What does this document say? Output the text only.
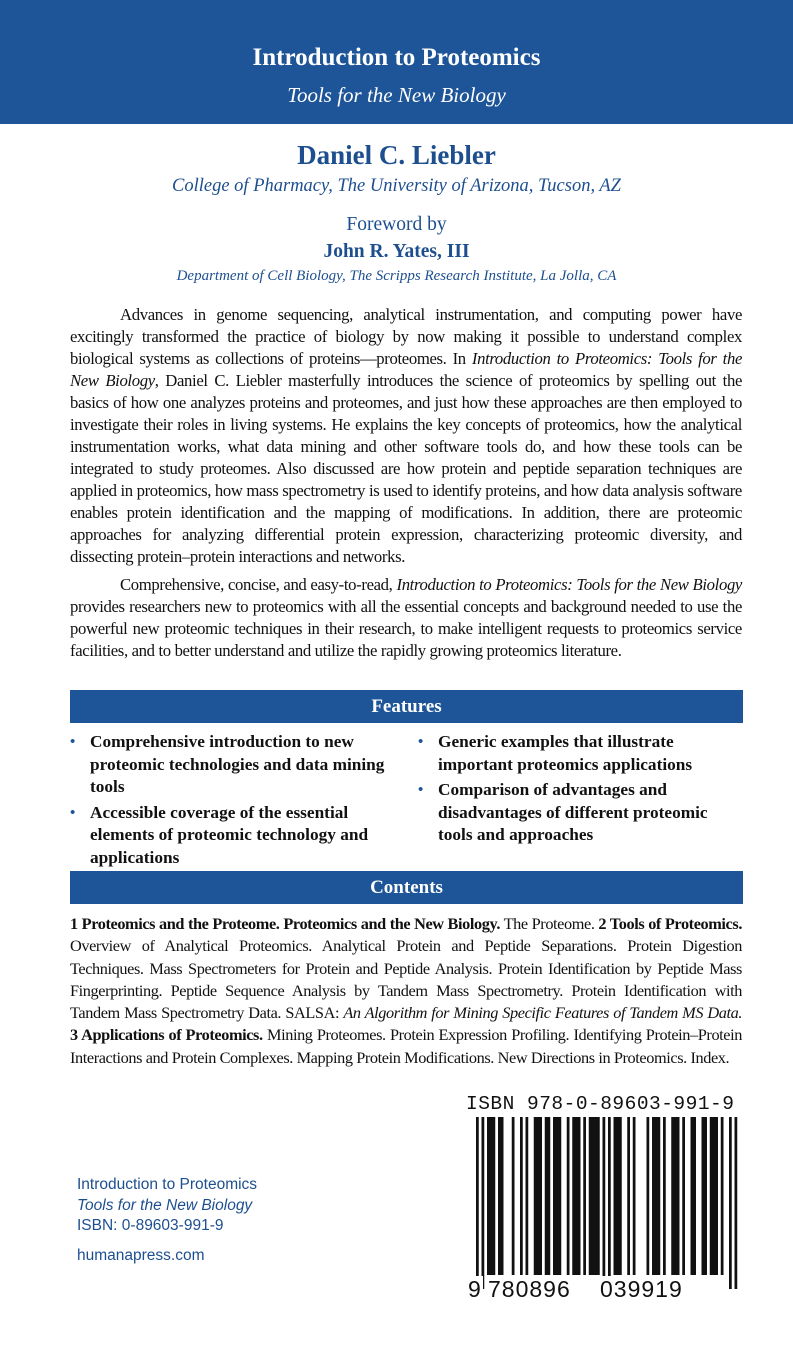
Introduction to Proteomics
Tools for the New Biology
Daniel C. Liebler
College of Pharmacy, The University of Arizona, Tucson, AZ
Foreword by
John R. Yates, III
Department of Cell Biology, The Scripps Research Institute, La Jolla, CA

Advances in genome sequencing, analytical instrumentation, and computing power have excitingly transformed the practice of biology by now making it possible to understand complex biological systems as collections of proteins—proteomes. In Introduction to Proteomics: Tools for the New Biology, Daniel C. Liebler masterfully introduces the science of proteomics by spelling out the basics of how one analyzes proteins and proteomes, and just how these approaches are then employed to investigate their roles in living systems. He explains the key concepts of proteomics, how the analytical instrumentation works, what data mining and other software tools do, and how these tools can be integrated to study proteomes. Also discussed are how protein and peptide separation techniques are applied in proteomics, how mass spectrometry is used to identify proteins, and how data analysis software enables protein identification and the mapping of modifications. In addition, there are proteomic approaches for analyzing differential protein expression, characterizing proteomic diversity, and dissecting protein–protein interactions and networks.

Comprehensive, concise, and easy-to-read, Introduction to Proteomics: Tools for the New Biology provides researchers new to proteomics with all the essential concepts and background needed to use the powerful new proteomic techniques in their research, to make intelligent requests to proteomics service facilities, and to better understand and utilize the rapidly growing proteomics literature.

Features
• Comprehensive introduction to new proteomic technologies and data mining tools
• Accessible coverage of the essential elements of proteomic technology and applications
• Generic examples that illustrate important proteomics applications
• Comparison of advantages and disadvantages of different proteomic tools and approaches
Contents
1 Proteomics and the Proteome. Proteomics and the New Biology. The Proteome. 2 Tools of Proteomics. Overview of Analytical Proteomics. Analytical Protein and Peptide Separations. Protein Digestion Techniques. Mass Spectrometers for Protein and Peptide Analysis. Protein Identification by Peptide Mass Fingerprinting. Peptide Sequence Analysis by Tandem Mass Spectrometry. Protein Identification with Tandem Mass Spectrometry Data. SALSA: An Algorithm for Mining Specific Features of Tandem MS Data. 3 Applications of Proteomics. Mining Proteomes. Protein Expression Profiling. Identifying Protein–Protein Interactions and Protein Complexes. Mapping Protein Modifications. New Directions in Proteomics. Index.
Introduction to Proteomics
Tools for the New Biology
ISBN: 0-89603-991-9
humanapress.com
ISBN 978-0-89603-991-9
9 780896 039919
